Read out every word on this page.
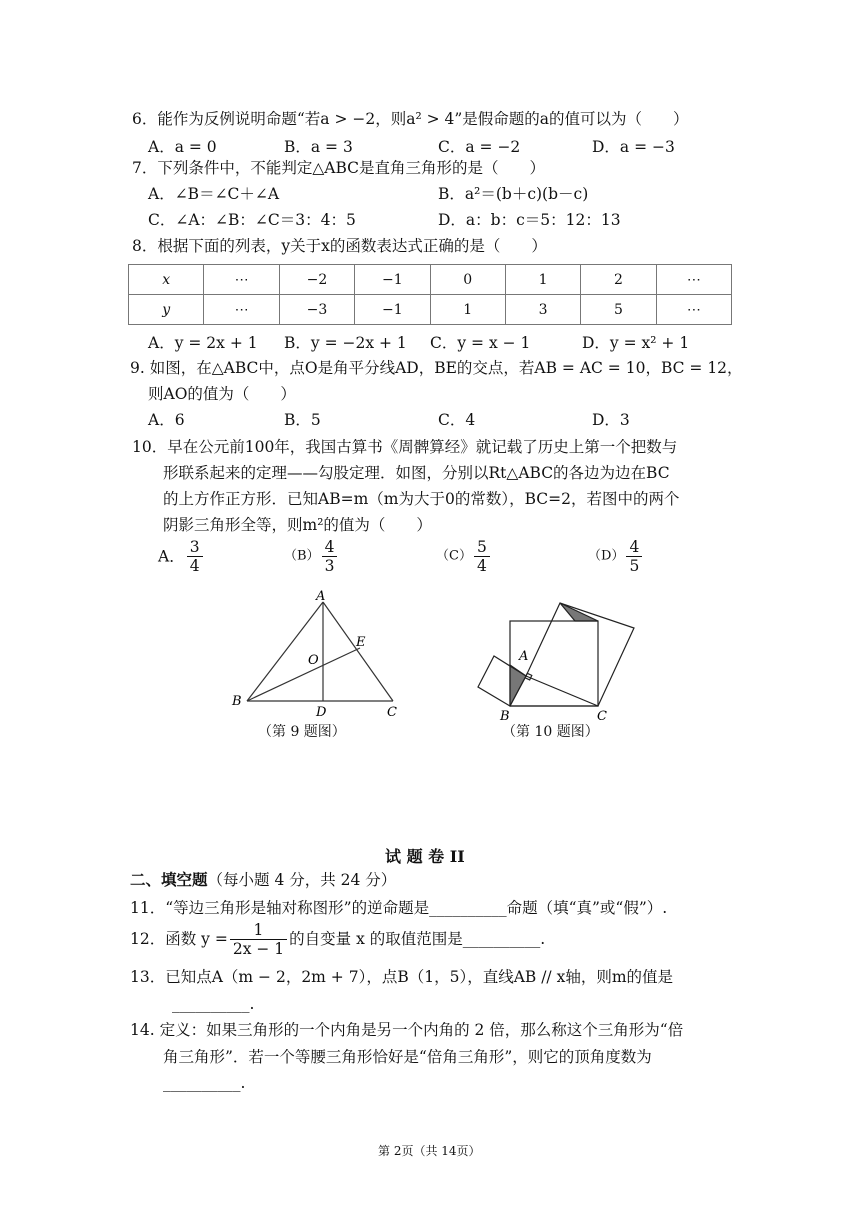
6．能作为反例说明命题“若a > −2，则a² > 4”是假命题的a的值可以为（　　）
A．a = 0	B．a = 3	C．a = −2	D．a = −3
7．下列条件中，不能判定△ABC是直角三角形的是（　　）
A．∠B＝∠C＋∠A	B．a²＝(b＋c)(b－c)
C．∠A：∠B：∠C＝3：4：5	D．a：b：c＝5：12：13
8．根据下面的列表，y关于x的函数表达式正确的是（　　）
x	⋯	−2	−1	0	1	2	⋯
y	⋯	−3	−1	1	3	5	⋯
A．y = 2x + 1 B．y = −2x + 1 C．y = x − 1	D．y = x² + 1
9. 如图，在△ABC中，点O是角平分线AD，BE的交点，若AB = AC = 10，BC = 12，
则AO的值为（　　）
A．6	B．5	C．4	D．3
10．早在公元前100年，我国古算书《周髀算经》就记载了历史上第一个把数与
形联系起来的定理——勾股定理．如图，分别以Rt△ABC的各边为边在BC
的上方作正方形．已知AB=m（m为大于0的常数），BC=2，若图中的两个
阴影三角形全等，则m²的值为（　　）
A． $\frac{3}{4}$	$(B) \frac{4}{3}$	$(C) \frac{5}{4}$	$(D) \frac{4}{5}$
A
B
C
D
E
O
（第 9 题图）
A
B	C
（第 10 题图）
试 题 卷 II
二、填空题（每小题 4 分，共 24 分）
11．“等边三角形是轴对称图形”的逆命题是__________命题（填“真”或“假”）.
12．函数 $y = \frac{1}{2x - 1}$ 的自变量 x 的取值范围是__________.
13．已知点A（m − 2，2m + 7），点B（1，5），直线AB // x轴，则m的值是
__________.
14. 定义：如果三角形的一个内角是另一个内角的 2 倍，那么称这个三角形为“倍
角三角形”．若一个等腰三角形恰好是“倍角三角形”，则它的顶角度数为
__________.
第 2页（共 14页）
